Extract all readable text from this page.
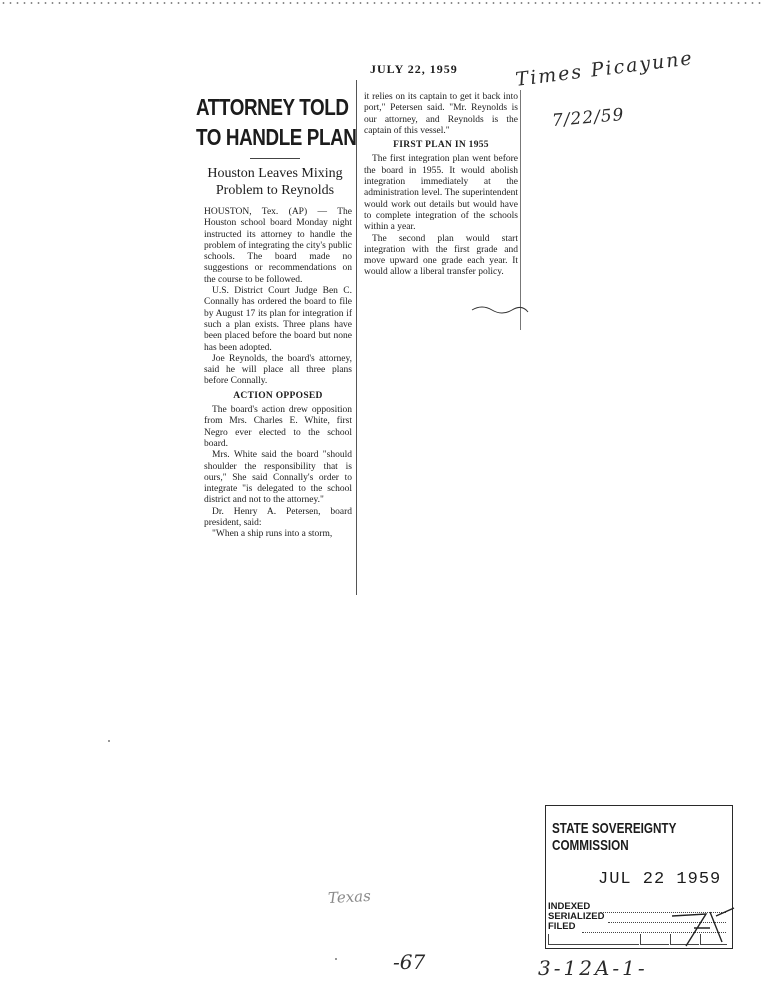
JULY 22, 1959
ATTORNEY TOLD
TO HANDLE PLAN
Houston Leaves Mixing
Problem to Reynolds

HOUSTON, Tex. (AP) — The Houston school board Monday night instructed its attorney to handle the problem of integrating the city's public schools. The board made no suggestions or recommendations on the course to be followed.

U.S. District Court Judge Ben C. Connally has ordered the board to file by August 17 its plan for integration if such a plan exists. Three plans have been placed before the board but none has been adopted.

Joe Reynolds, the board's attorney, said he will place all three plans before Connally.

ACTION OPPOSED

The board's action drew opposition from Mrs. Charles E. White, first Negro ever elected to the school board.

Mrs. White said the board "should shoulder the responsibility that is ours," She said Connally's order to integrate "is delegated to the school district and not to the attorney."

Dr. Henry A. Petersen, board president, said:

"When a ship runs into a storm,

it relies on its captain to get it back into port," Petersen said. "Mr. Reynolds is our attorney, and Reynolds is the captain of this vessel."

FIRST PLAN IN 1955

The first integration plan went before the board in 1955. It would abolish integration immediately at the administration level. The superintendent would work out details but would have to complete integration of the schools within a year.

The second plan would start integration with the first grade and move upward one grade each year. It would allow a liberal transfer policy.

Times Picayune
7/22/59
Texas
-67	3-12A-1-
STATE SOVEREIGNTY COMMISSION
JUL 22 1959
INDEXED
SERIALIZED
FILED
